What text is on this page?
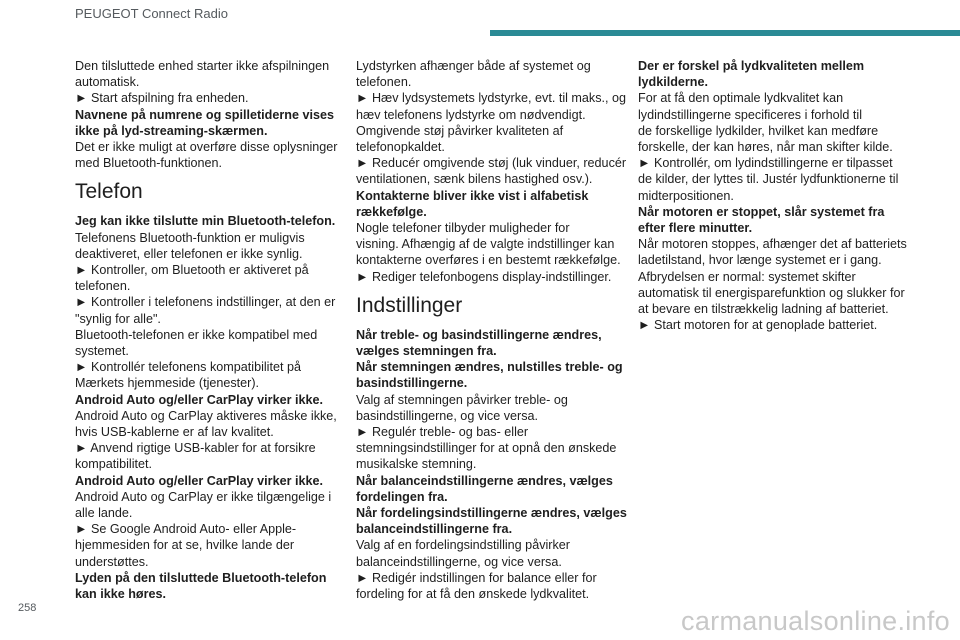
PEUGEOT Connect Radio
Den tilsluttede enhed starter ikke afspilningen
automatisk.
► Start afspilning fra enheden.
Navnene på numrene og spilletiderne vises
ikke på lyd-streaming-skærmen.
Det er ikke muligt at overføre disse oplysninger
med Bluetooth-funktionen.
Telefon
Jeg kan ikke tilslutte min Bluetooth-telefon.
Telefonens Bluetooth-funktion er muligvis
deaktiveret, eller telefonen er ikke synlig.
► Kontroller, om Bluetooth er aktiveret på
telefonen.
► Kontroller i telefonens indstillinger, at den er
"synlig for alle".
Bluetooth-telefonen er ikke kompatibel med
systemet.
► Kontrollér telefonens kompatibilitet på
Mærkets hjemmeside (tjenester).
Android Auto og/eller CarPlay virker ikke.
Android Auto og CarPlay aktiveres måske ikke,
hvis USB-kablerne er af lav kvalitet.
► Anvend rigtige USB-kabler for at forsikre
kompatibilitet.
Android Auto og/eller CarPlay virker ikke.
Android Auto og CarPlay er ikke tilgængelige i
alle lande.
► Se Google Android Auto- eller Apple-
hjemmesiden for at se, hvilke lande der
understøttes.
Lyden på den tilsluttede Bluetooth-telefon
kan ikke høres.
Lydstyrken afhænger både af systemet og
telefonen.
► Hæv lydsystemets lydstyrke, evt. til maks., og
hæv telefonens lydstyrke om nødvendigt.
Omgivende støj påvirker kvaliteten af
telefonopkaldet.
► Reducér omgivende støj (luk vinduer, reducér
ventilationen, sænk bilens hastighed osv.).
Kontakterne bliver ikke vist i alfabetisk
rækkefølge.
Nogle telefoner tilbyder muligheder for
visning. Afhængig af de valgte indstillinger kan
kontakterne overføres i en bestemt rækkefølge.
► Rediger telefonbogens display-indstillinger.
Indstillinger
Når treble- og basindstillingerne ændres,
vælges stemningen fra.
Når stemningen ændres, nulstilles treble- og
basindstillingerne.
Valg af stemningen påvirker treble- og
basindstillingerne, og vice versa.
► Regulér treble- og bas- eller
stemningsindstillinger for at opnå den ønskede
musikalske stemning.
Når balanceindstillingerne ændres, vælges
fordelingen fra.
Når fordelingsindstillingerne ændres, vælges
balanceindstillingerne fra.
Valg af en fordelingsindstilling påvirker
balanceindstillingerne, og vice versa.
► Redigér indstillingen for balance eller for
fordeling for at få den ønskede lydkvalitet.
Der er forskel på lydkvaliteten mellem
lydkilderne.
For at få den optimale lydkvalitet kan
lydindstillingerne specificeres i forhold til
de forskellige lydkilder, hvilket kan medføre
forskelle, der kan høres, når man skifter kilde.
► Kontrollér, om lydindstillingerne er tilpasset
de kilder, der lyttes til. Justér lydfunktionerne til
midterpositionen.
Når motoren er stoppet, slår systemet fra
efter flere minutter.
Når motoren stoppes, afhænger det af batteriets
ladetilstand, hvor længe systemet er i gang.
Afbrydelsen er normal: systemet skifter
automatisk til energisparefunktion og slukker for
at bevare en tilstrækkelig ladning af batteriet.
► Start motoren for at genoplade batteriet.
258	carmanualsonline.info
